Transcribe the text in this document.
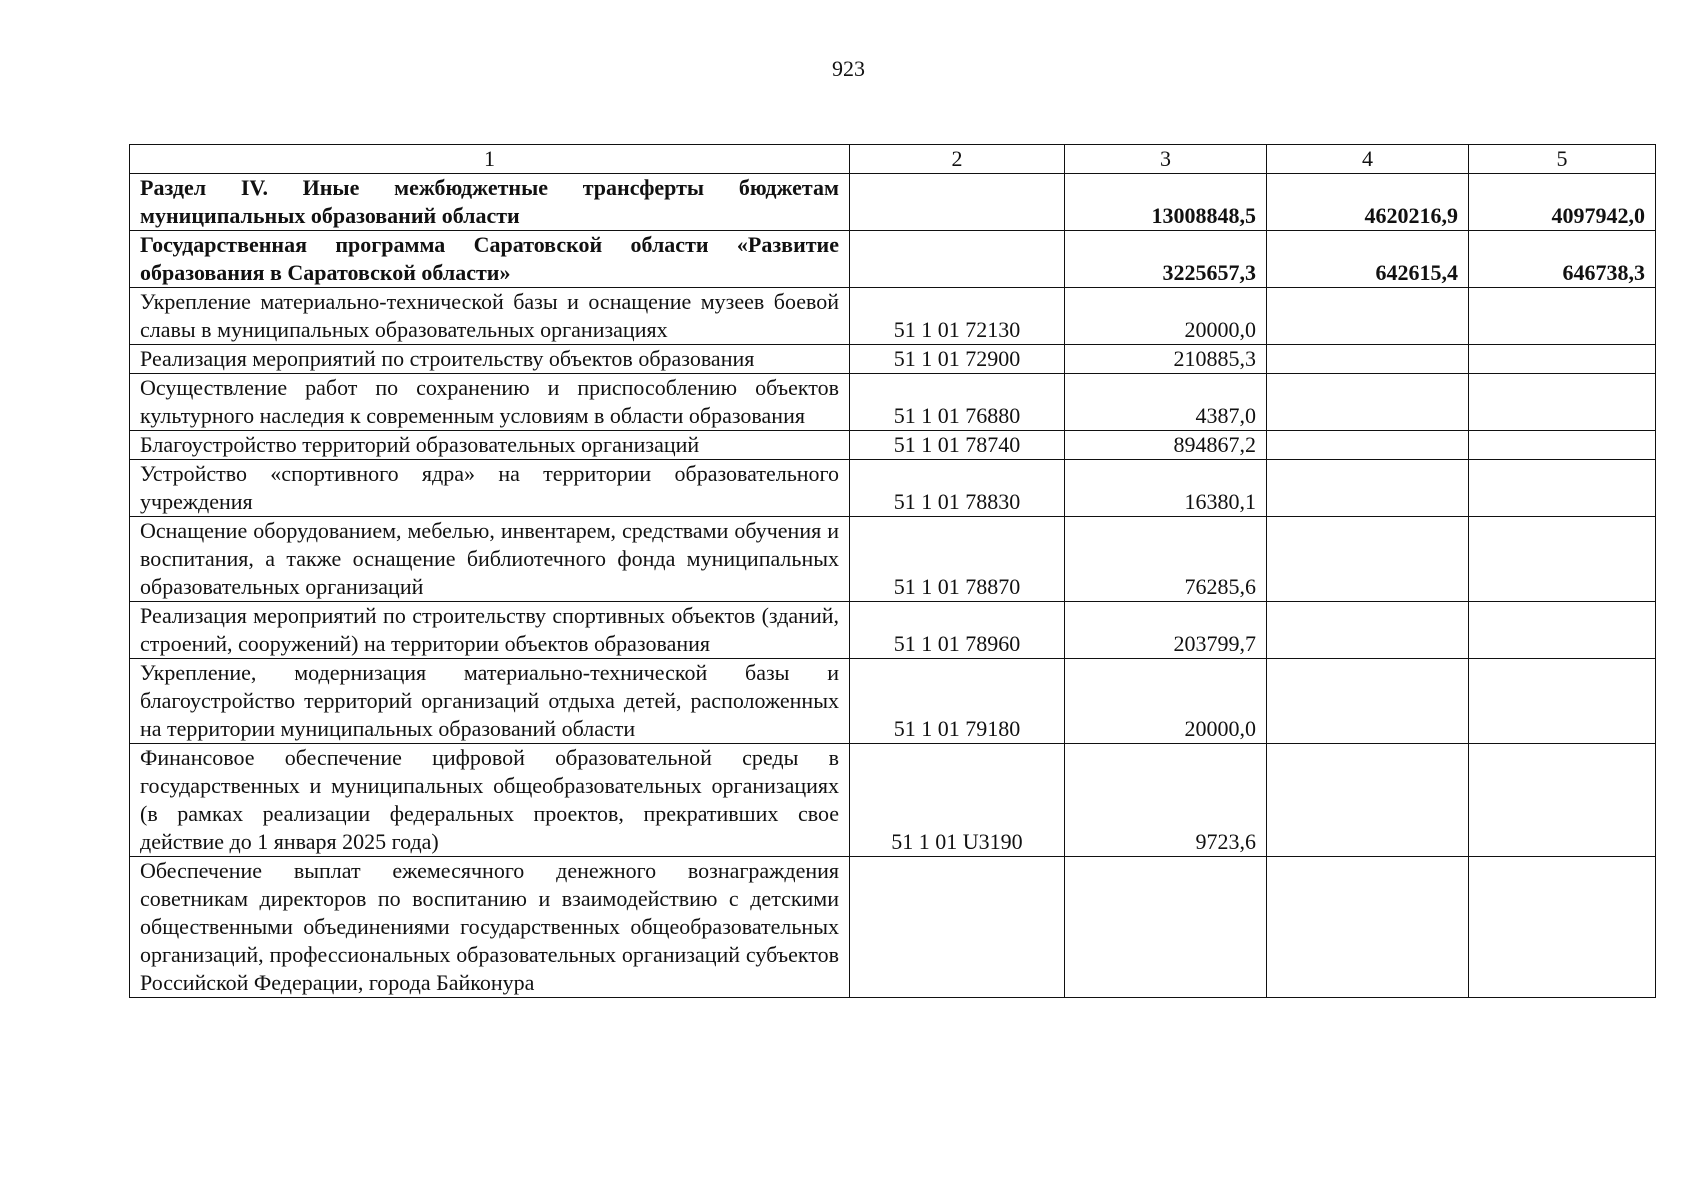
923
1	2	3	4	5
Раздел IV. Иные межбюджетные трансферты бюджетам муниципальных образований области		13008848,5	4620216,9	4097942,0
Государственная программа Саратовской области «Развитие образования в Саратовской области»		3225657,3	642615,4	646738,3
Укрепление материально-технической базы и оснащение музеев боевой славы в муниципальных образовательных организациях	51 1 01 72130	20000,0		
Реализация мероприятий по строительству объектов образования	51 1 01 72900	210885,3		
Осуществление работ по сохранению и приспособлению объектов культурного наследия к современным условиям в области образования	51 1 01 76880	4387,0		
Благоустройство территорий образовательных организаций	51 1 01 78740	894867,2		
Устройство «спортивного ядра» на территории образовательного учреждения	51 1 01 78830	16380,1		
Оснащение оборудованием, мебелью, инвентарем, средствами обучения и воспитания, а также оснащение библиотечного фонда муниципальных образовательных организаций	51 1 01 78870	76285,6		
Реализация мероприятий по строительству спортивных объектов (зданий, строений, сооружений) на территории объектов образования	51 1 01 78960	203799,7		
Укрепление, модернизация материально-технической базы и благоустройство территорий организаций отдыха детей, расположенных на территории муниципальных образований области	51 1 01 79180	20000,0		
Финансовое обеспечение цифровой образовательной среды в государственных и муниципальных общеобразовательных организациях (в рамках реализации федеральных проектов, прекративших свое действие до 1 января 2025 года)	51 1 01 U3190	9723,6		
Обеспечение выплат ежемесячного денежного вознаграждения советникам директоров по воспитанию и взаимодействию с детскими общественными объединениями государственных общеобразовательных организаций, профессиональных образовательных организаций субъектов Российской Федерации, города Байконура				
